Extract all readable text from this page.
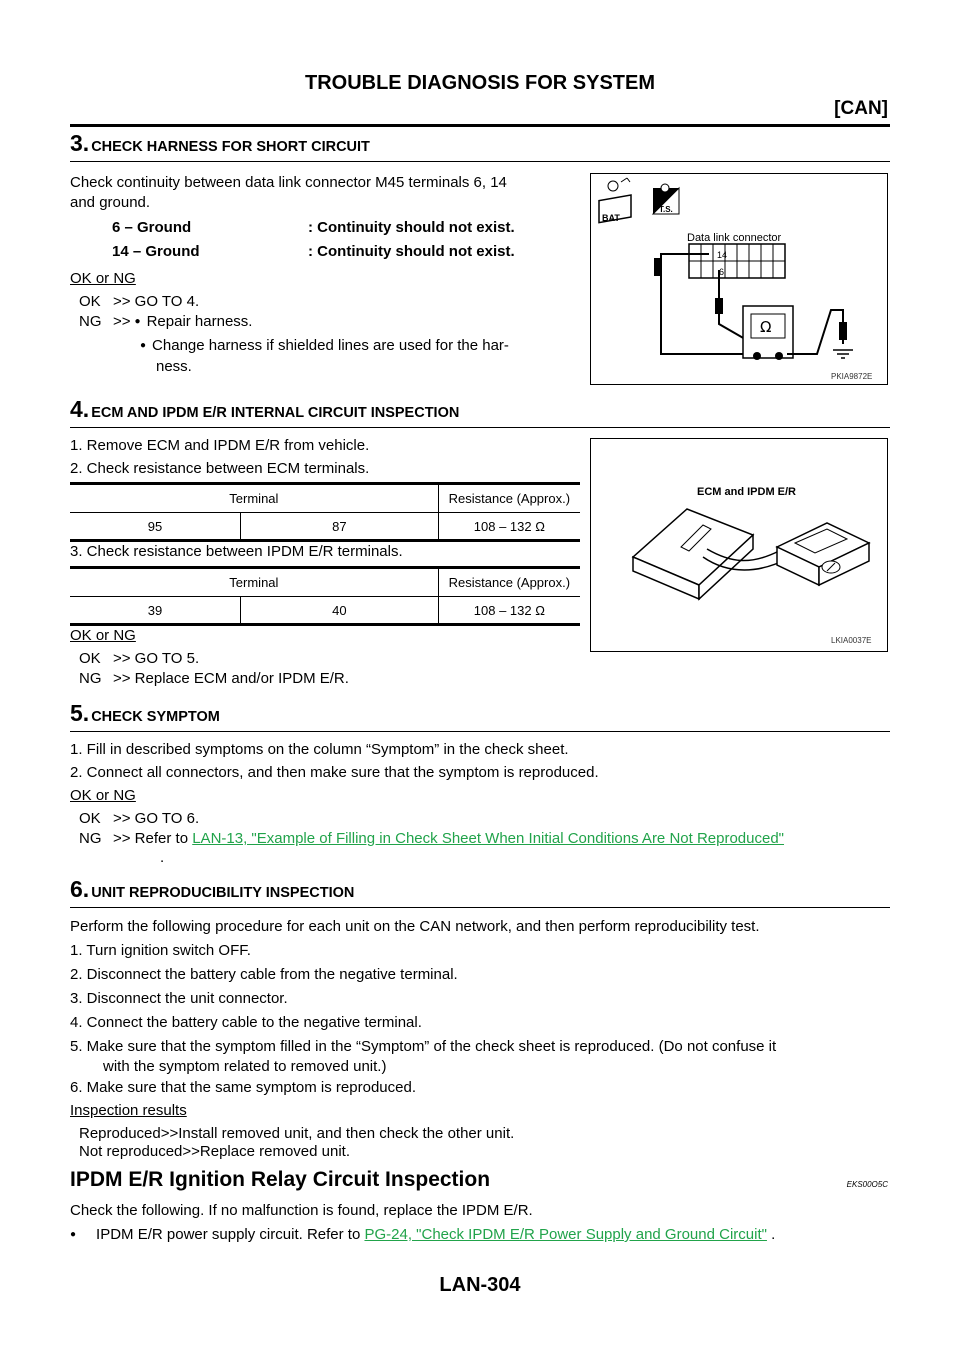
TROUBLE DIAGNOSIS FOR SYSTEM
[CAN]
3. CHECK HARNESS FOR SHORT CIRCUIT
Check continuity between data link connector M45 terminals 6, 14
and ground.
6 – Ground	: Continuity should not exist.
14 – Ground	: Continuity should not exist.
OK or NG
OK >> GO TO 4.
NG >> ● Repair harness.
● Change harness if shielded lines are used for the har-
ness.
BAT
T.S.
Data link connector
14
6
Ω
PKIA9872E
4. ECM AND IPDM E/R INTERNAL CIRCUIT INSPECTION
1. Remove ECM and IPDM E/R from vehicle.
2. Check resistance between ECM terminals.
Terminal		Resistance (Approx.)

95	87	108 – 132 Ω
3. Check resistance between IPDM E/R terminals.
Terminal		Resistance (Approx.)

39	40	108 – 132 Ω
OK or NG
OK >> GO TO 5.
NG >> Replace ECM and/or IPDM E/R.
ECM and IPDM E/R
LKIA0037E
5. CHECK SYMPTOM
1. Fill in described symptoms on the column “Symptom” in the check sheet.
2. Connect all connectors, and then make sure that the symptom is reproduced.
OK or NG
OK >> GO TO 6.
NG >> Refer to LAN-13, "Example of Filling in Check Sheet When Initial Conditions Are Not Reproduced"
.
6. UNIT REPRODUCIBILITY INSPECTION
Perform the following procedure for each unit on the CAN network, and then perform reproducibility test.
1. Turn ignition switch OFF.
2. Disconnect the battery cable from the negative terminal.
3. Disconnect the unit connector.
4. Connect the battery cable to the negative terminal.
5. Make sure that the symptom filled in the “Symptom” of the check sheet is reproduced. (Do not confuse it
with the symptom related to removed unit.)
6. Make sure that the same symptom is reproduced.
Inspection results
Reproduced>>Install removed unit, and then check the other unit.
Not reproduced>>Replace removed unit.
IPDM E/R Ignition Relay Circuit Inspection	EKS00O5C
Check the following. If no malfunction is found, replace the IPDM E/R.
● IPDM E/R power supply circuit. Refer to PG-24, "Check IPDM E/R Power Supply and Ground Circuit" .
LAN-304
